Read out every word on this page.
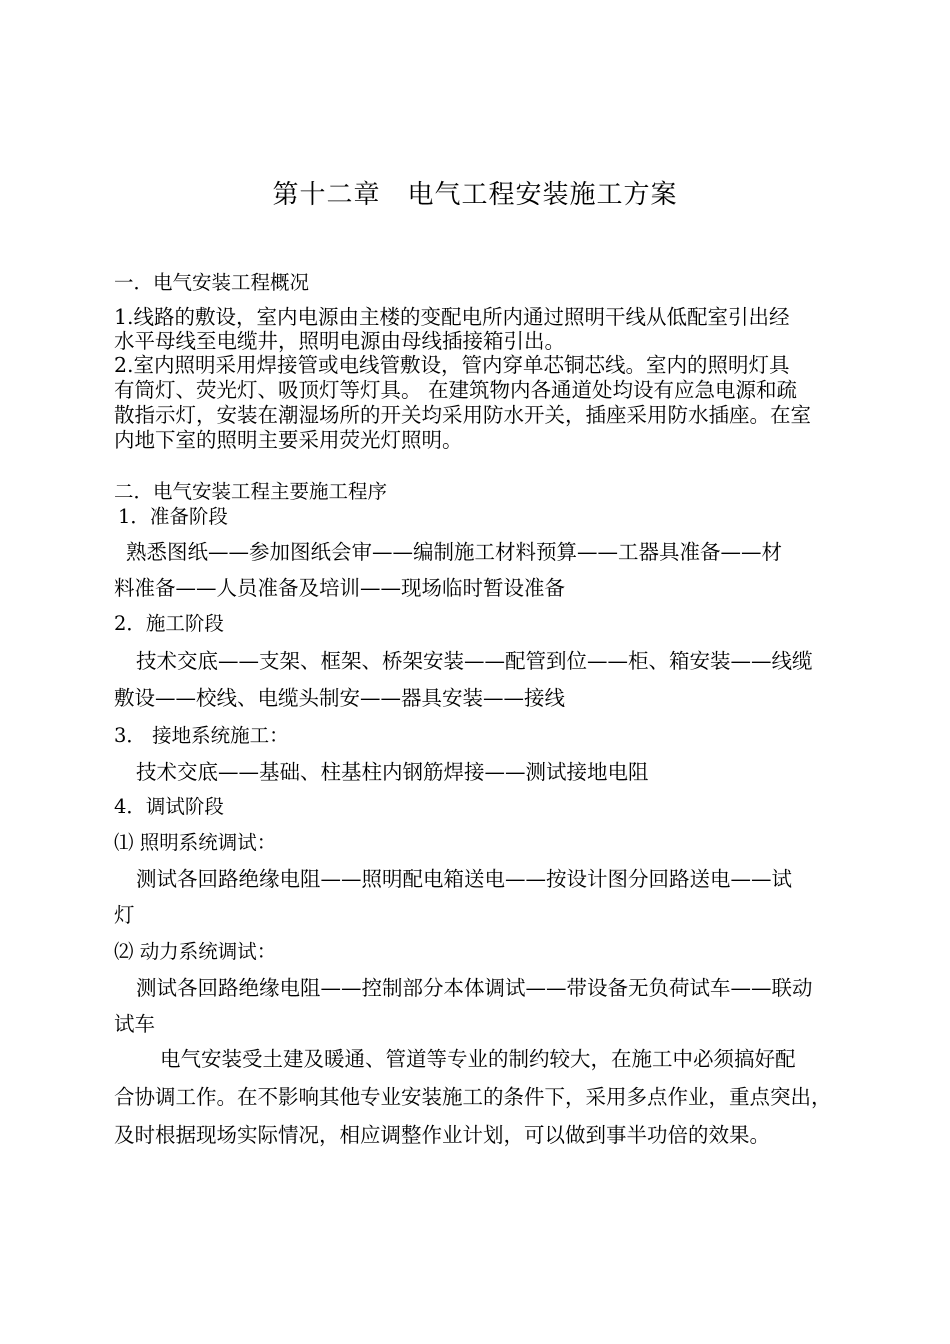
第十二章　电气工程安装施工方案
一．电气安装工程概况
1.线路的敷设，室内电源由主楼的变配电所内通过照明干线从低配室引出经
水平母线至电缆井，照明电源由母线插接箱引出。
2.室内照明采用焊接管或电线管敷设，管内穿单芯铜芯线。室内的照明灯具
有筒灯、荧光灯、吸顶灯等灯具。 在建筑物内各通道处均设有应急电源和疏
散指示灯，安装在潮湿场所的开关均采用防水开关，插座采用防水插座。在室
内地下室的照明主要采用荧光灯照明。
二．电气安装工程主要施工程序
1．准备阶段
熟悉图纸——参加图纸会审——编制施工材料预算——工器具准备——材
料准备——人员准备及培训——现场临时暂设准备
2．施工阶段
技术交底——支架、框架、桥架安装——配管到位——柜、箱安装——线缆
敷设——校线、电缆头制安——器具安装——接线
3． 接地系统施工：
技术交底——基础、柱基柱内钢筋焊接——测试接地电阻
4．调试阶段
⑴ 照明系统调试：
测试各回路绝缘电阻——照明配电箱送电——按设计图分回路送电——试
灯
⑵ 动力系统调试：
测试各回路绝缘电阻——控制部分本体调试——带设备无负荷试车——联动
试车
电气安装受土建及暖通、管道等专业的制约较大，在施工中必须搞好配
合协调工作。在不影响其他专业安装施工的条件下，采用多点作业，重点突出，
及时根据现场实际情况，相应调整作业计划，可以做到事半功倍的效果。
